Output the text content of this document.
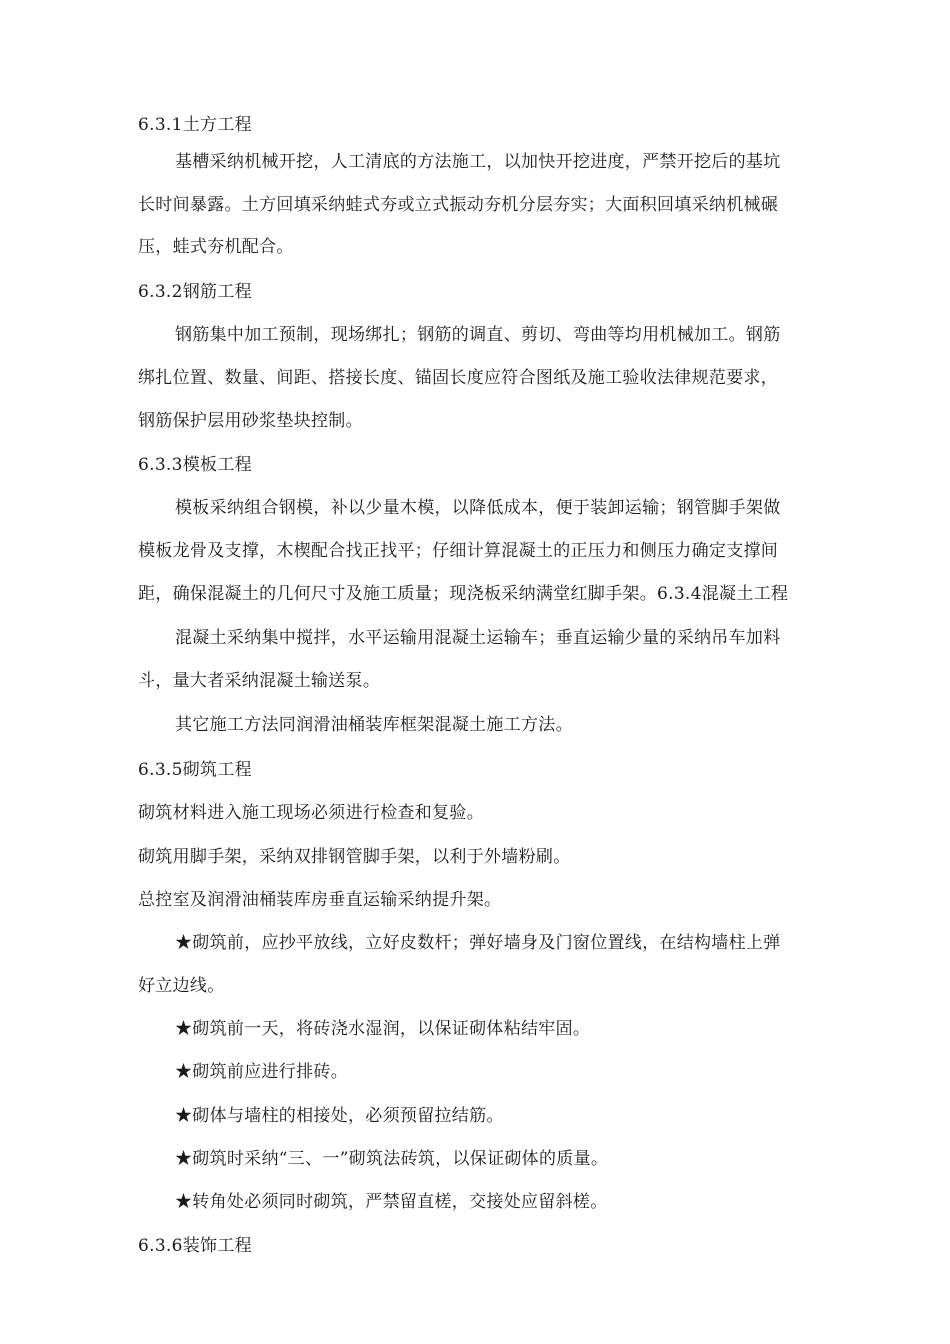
6.3.1土方工程
基槽采纳机械开挖，人工清底的方法施工，以加快开挖进度，严禁开挖后的基坑
长时间暴露。土方回填采纳蛙式夯或立式振动夯机分层夯实；大面积回填采纳机械碾
压，蛙式夯机配合。
6.3.2钢筋工程
钢筋集中加工预制，现场绑扎；钢筋的调直、剪切、弯曲等均用机械加工。钢筋
绑扎位置、数量、间距、搭接长度、锚固长度应符合图纸及施工验收法律规范要求，
钢筋保护层用砂浆垫块控制。
6.3.3模板工程
模板采纳组合钢模，补以少量木模，以降低成本，便于装卸运输；钢管脚手架做
模板龙骨及支撑，木楔配合找正找平；仔细计算混凝土的正压力和侧压力确定支撑间
距，确保混凝土的几何尺寸及施工质量；现浇板采纳满堂红脚手架。6.3.4混凝土工程
混凝土采纳集中搅拌，水平运输用混凝土运输车；垂直运输少量的采纳吊车加料
斗，量大者采纳混凝土输送泵。
其它施工方法同润滑油桶装库框架混凝土施工方法。
6.3.5砌筑工程
砌筑材料进入施工现场必须进行检查和复验。
砌筑用脚手架，采纳双排钢管脚手架，以利于外墙粉刷。
总控室及润滑油桶装库房垂直运输采纳提升架。
★砌筑前，应抄平放线，立好皮数杆；弹好墙身及门窗位置线，在结构墙柱上弹
好立边线。
★砌筑前一天，将砖浇水湿润，以保证砌体粘结牢固。
★砌筑前应进行排砖。
★砌体与墙柱的相接处，必须预留拉结筋。
★砌筑时采纳“三、一”砌筑法砖筑，以保证砌体的质量。
★转角处必须同时砌筑，严禁留直槎，交接处应留斜槎。
6.3.6装饰工程
